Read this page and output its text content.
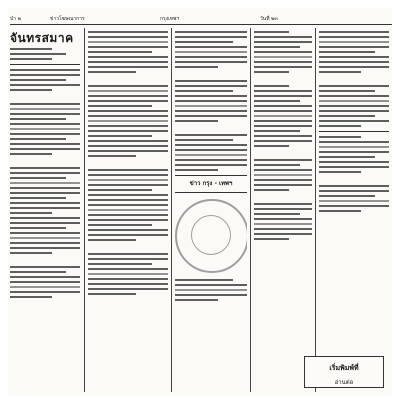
ป่า ๒	ข่าวโฆษณาการ	กรุงเทพฯ	วันที่ ๒๓
จันทรสมาค
ข่าว กรุง - เทพฯ
เริ่มพิมพ์ที่
อ่านต่อ
